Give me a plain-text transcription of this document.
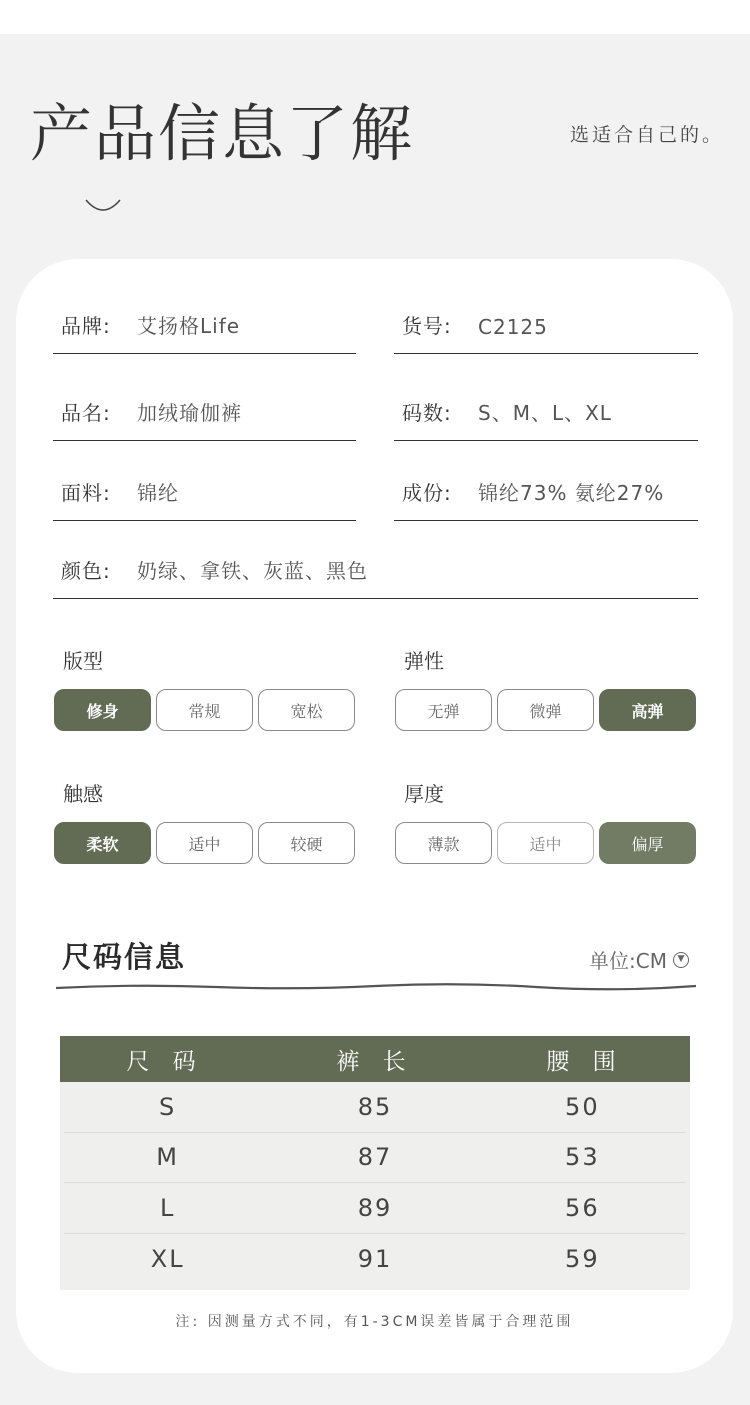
产品信息了解	选适合自己的。
品牌: 艾扬格Life	货号: C2125
品名: 加绒瑜伽裤	码数: S、M、L、XL
面料: 锦纶	成份: 锦纶73% 氨纶27%
颜色: 奶绿、拿铁、灰蓝、黑色
版型
修身	常规	宽松
弹性
无弹	微弹	高弹
触感
柔软	适中	较硬
厚度
薄款	适中	偏厚
尺码信息	单位:CM	▼
尺 码	裤 长	腰 围
S	85	50
M	87	53
L	89	56
XL	91	59
注: 因测量方式不同，有1-3CM误差皆属于合理范围
